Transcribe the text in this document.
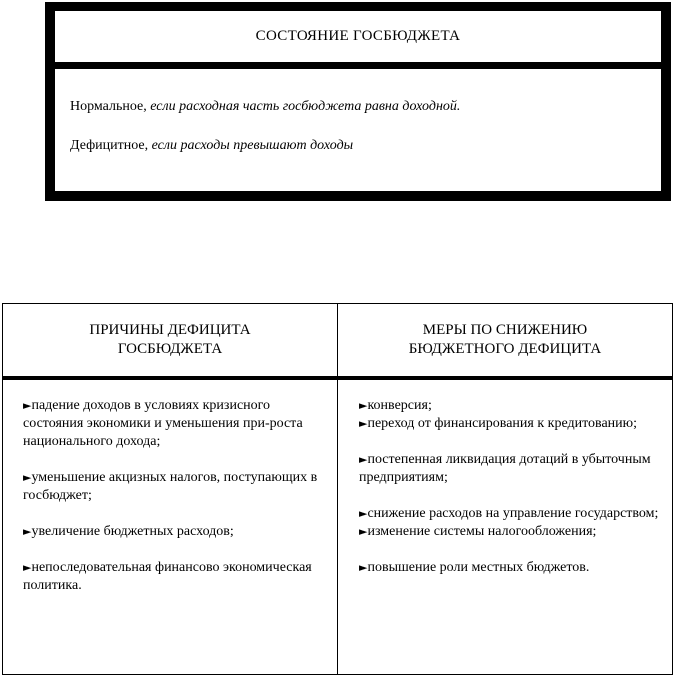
СОСТОЯНИЕ ГОСБЮДЖЕТА
Нормальное, если расходная часть госбюджета равна доходной.
Дефицитное, если расходы превышают доходы
ПРИЧИНЫ ДЕФИЦИТА
ГОСБЮДЖЕТА
МЕРЫ ПО СНИЖЕНИЮ
БЮДЖЕТНОГО ДЕФИЦИТА
►падение доходов в условиях кризисного состояния экономики и уменьшения при-роста национального дохода;
►уменьшение акцизных налогов, поступающих в госбюджет;
►увеличение бюджетных расходов;
►непоследовательная финансово экономическая политика.
►конверсия;
►переход от финансирования к кредитованию;
►постепенная ликвидация дотаций в убыточным предприятиям;
►снижение расходов на управление государством;
►изменение системы налогообложения;
►повышение роли местных бюджетов.
